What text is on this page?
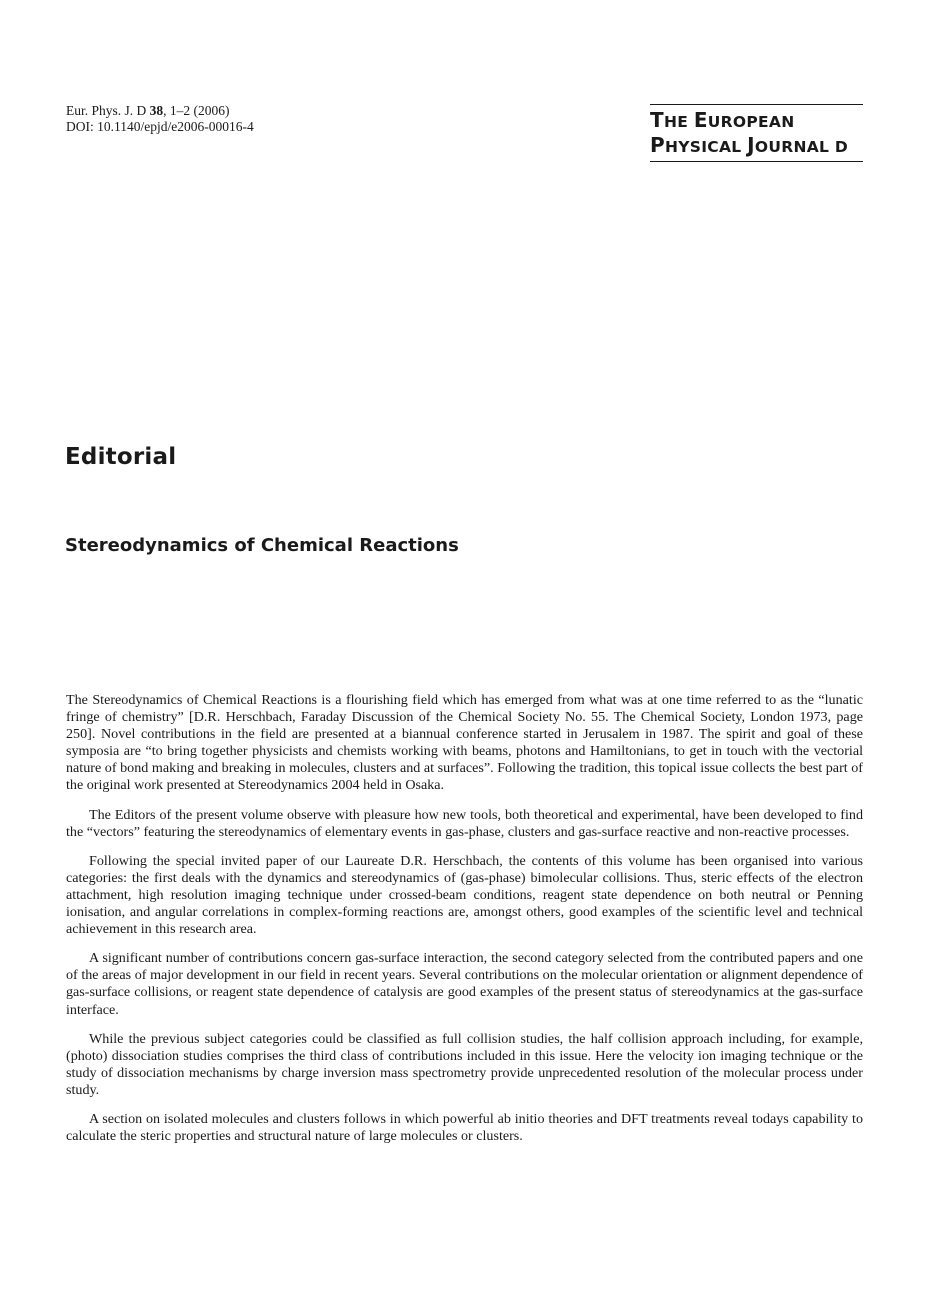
Eur. Phys. J. D 38, 1–2 (2006)
DOI: 10.1140/epjd/e2006-00016-4	THE EUROPEAN
PHYSICAL JOURNAL D
Editorial
Stereodynamics of Chemical Reactions

The Stereodynamics of Chemical Reactions is a flourishing field which has emerged from what was at one time referred to as the “lunatic fringe of chemistry” [D.R. Herschbach, Faraday Discussion of the Chemical Society No. 55. The Chemical Society, London 1973, page 250]. Novel contributions in the field are presented at a biannual conference started in Jerusalem in 1987. The spirit and goal of these symposia are “to bring together physicists and chemists working with beams, photons and Hamiltonians, to get in touch with the vectorial nature of bond making and breaking in molecules, clusters and at surfaces”. Following the tradition, this topical issue collects the best part of the original work presented at Stereodynamics 2004 held in Osaka.

The Editors of the present volume observe with pleasure how new tools, both theoretical and experimental, have been developed to find the “vectors” featuring the stereodynamics of elementary events in gas-phase, clusters and gas-surface reactive and non-reactive processes.

Following the special invited paper of our Laureate D.R. Herschbach, the contents of this volume has been organised into various categories: the first deals with the dynamics and stereodynamics of (gas-phase) bimolecular collisions. Thus, steric effects of the electron attachment, high resolution imaging technique under crossed-beam conditions, reagent state dependence on both neutral or Penning ionisation, and angular correlations in complex-forming reactions are, amongst others, good examples of the scientific level and technical achievement in this research area.

A significant number of contributions concern gas-surface interaction, the second category selected from the contributed papers and one of the areas of major development in our field in recent years. Several contributions on the molecular orientation or alignment dependence of gas-surface collisions, or reagent state dependence of catalysis are good examples of the present status of stereodynamics at the gas-surface interface.

While the previous subject categories could be classified as full collision studies, the half collision approach including, for example, (photo) dissociation studies comprises the third class of contributions included in this issue. Here the velocity ion imaging technique or the study of dissociation mechanisms by charge inversion mass spectrometry provide unprecedented resolution of the molecular process under study.

A section on isolated molecules and clusters follows in which powerful ab initio theories and DFT treatments reveal todays capability to calculate the steric properties and structural nature of large molecules or clusters.
